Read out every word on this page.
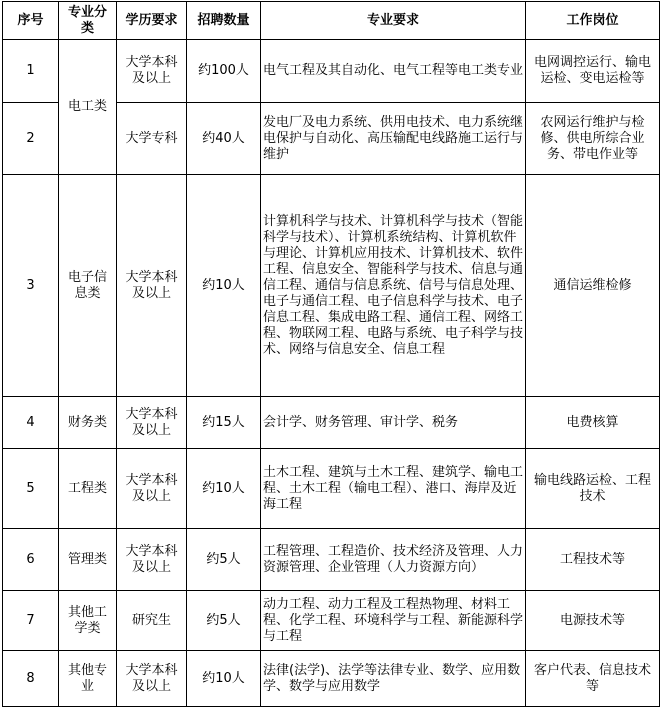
序号	专业分类	学历要求	招聘数量	专业要求	工作岗位
1	电工类	大学本科及以上	约100人	电气工程及其自动化、电气工程等电工类专业	电网调控运行、输电运检、变电运检等
2		大学专科	约40人	发电厂及电力系统、供用电技术、电力系统继电保护与自动化、高压输配电线路施工运行与维护	农网运行维护与检修、供电所综合业务、带电作业等
3	电子信息类	大学本科及以上	约10人	计算机科学与技术、计算机科学与技术（智能科学与技术）、计算机系统结构、计算机软件与理论、计算机应用技术、计算机技术、软件工程、信息安全、智能科学与技术、信息与通信工程、通信与信息系统、信号与信息处理、电子与通信工程、电子信息科学与技术、电子信息工程、集成电路工程、通信工程、网络工程、物联网工程、电路与系统、电子科学与技术、网络与信息安全、信息工程	通信运维检修
4	财务类	大学本科及以上	约15人	会计学、财务管理、审计学、税务	电费核算
5	工程类	大学本科及以上	约10人	土木工程、建筑与土木工程、建筑学、输电工程、土木工程（输电工程）、港口、海岸及近海工程	输电线路运检、工程技术
6	管理类	大学本科及以上	约5人	工程管理、工程造价、技术经济及管理、人力资源管理、企业管理（人力资源方向）	工程技术等
7	其他工学类	研究生	约5人	动力工程、动力工程及工程热物理、材料工程、化学工程、环境科学与工程、新能源科学与工程	电源技术等
8	其他专业	大学本科及以上	约10人	法律(法学)、法学等法律专业、数学、应用数学、数学与应用数学	客户代表、信息技术等
